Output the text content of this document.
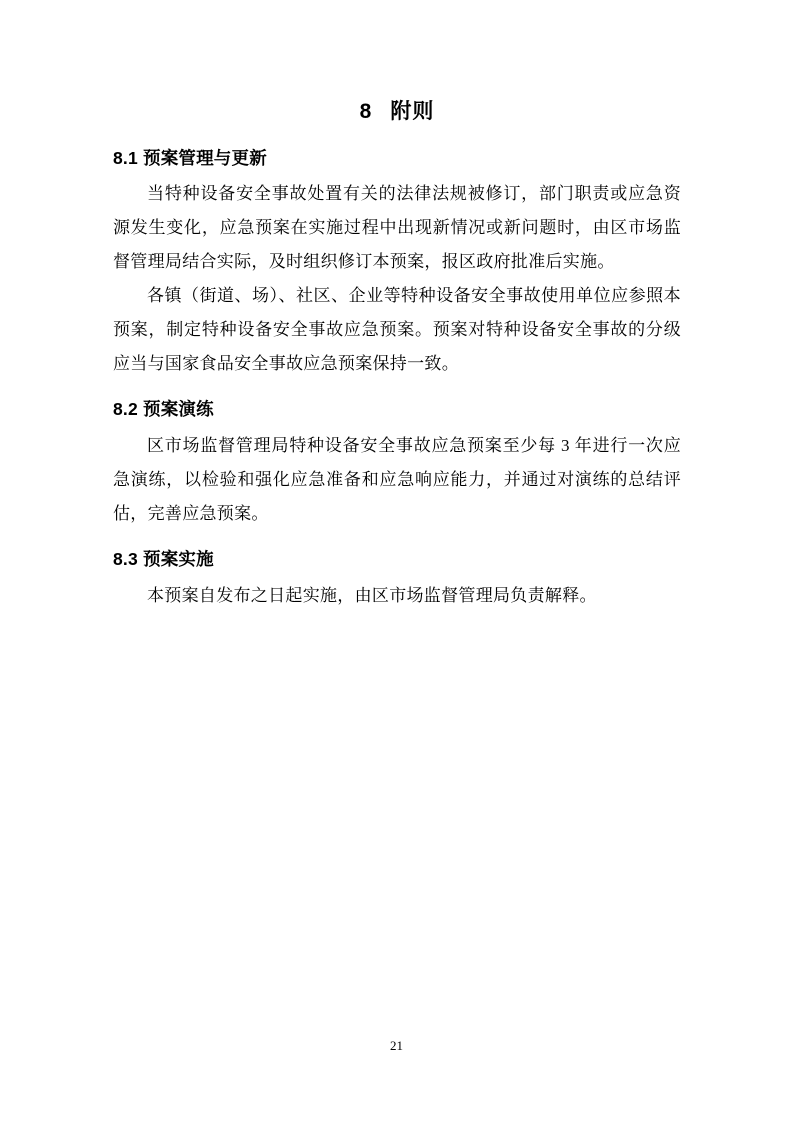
8 附则
8.1 预案管理与更新

当特种设备安全事故处置有关的法律法规被修订，部门职责或应急资源发生变化，应急预案在实施过程中出现新情况或新问题时，由区市场监督管理局结合实际，及时组织修订本预案，报区政府批准后实施。

各镇（街道、场）、社区、企业等特种设备安全事故使用单位应参照本预案，制定特种设备安全事故应急预案。预案对特种设备安全事故的分级应当与国家食品安全事故应急预案保持一致。

8.2 预案演练

区市场监督管理局特种设备安全事故应急预案至少每 3 年进行一次应急演练，以检验和强化应急准备和应急响应能力，并通过对演练的总结评估，完善应急预案。

8.3 预案实施

本预案自发布之日起实施，由区市场监督管理局负责解释。

21
